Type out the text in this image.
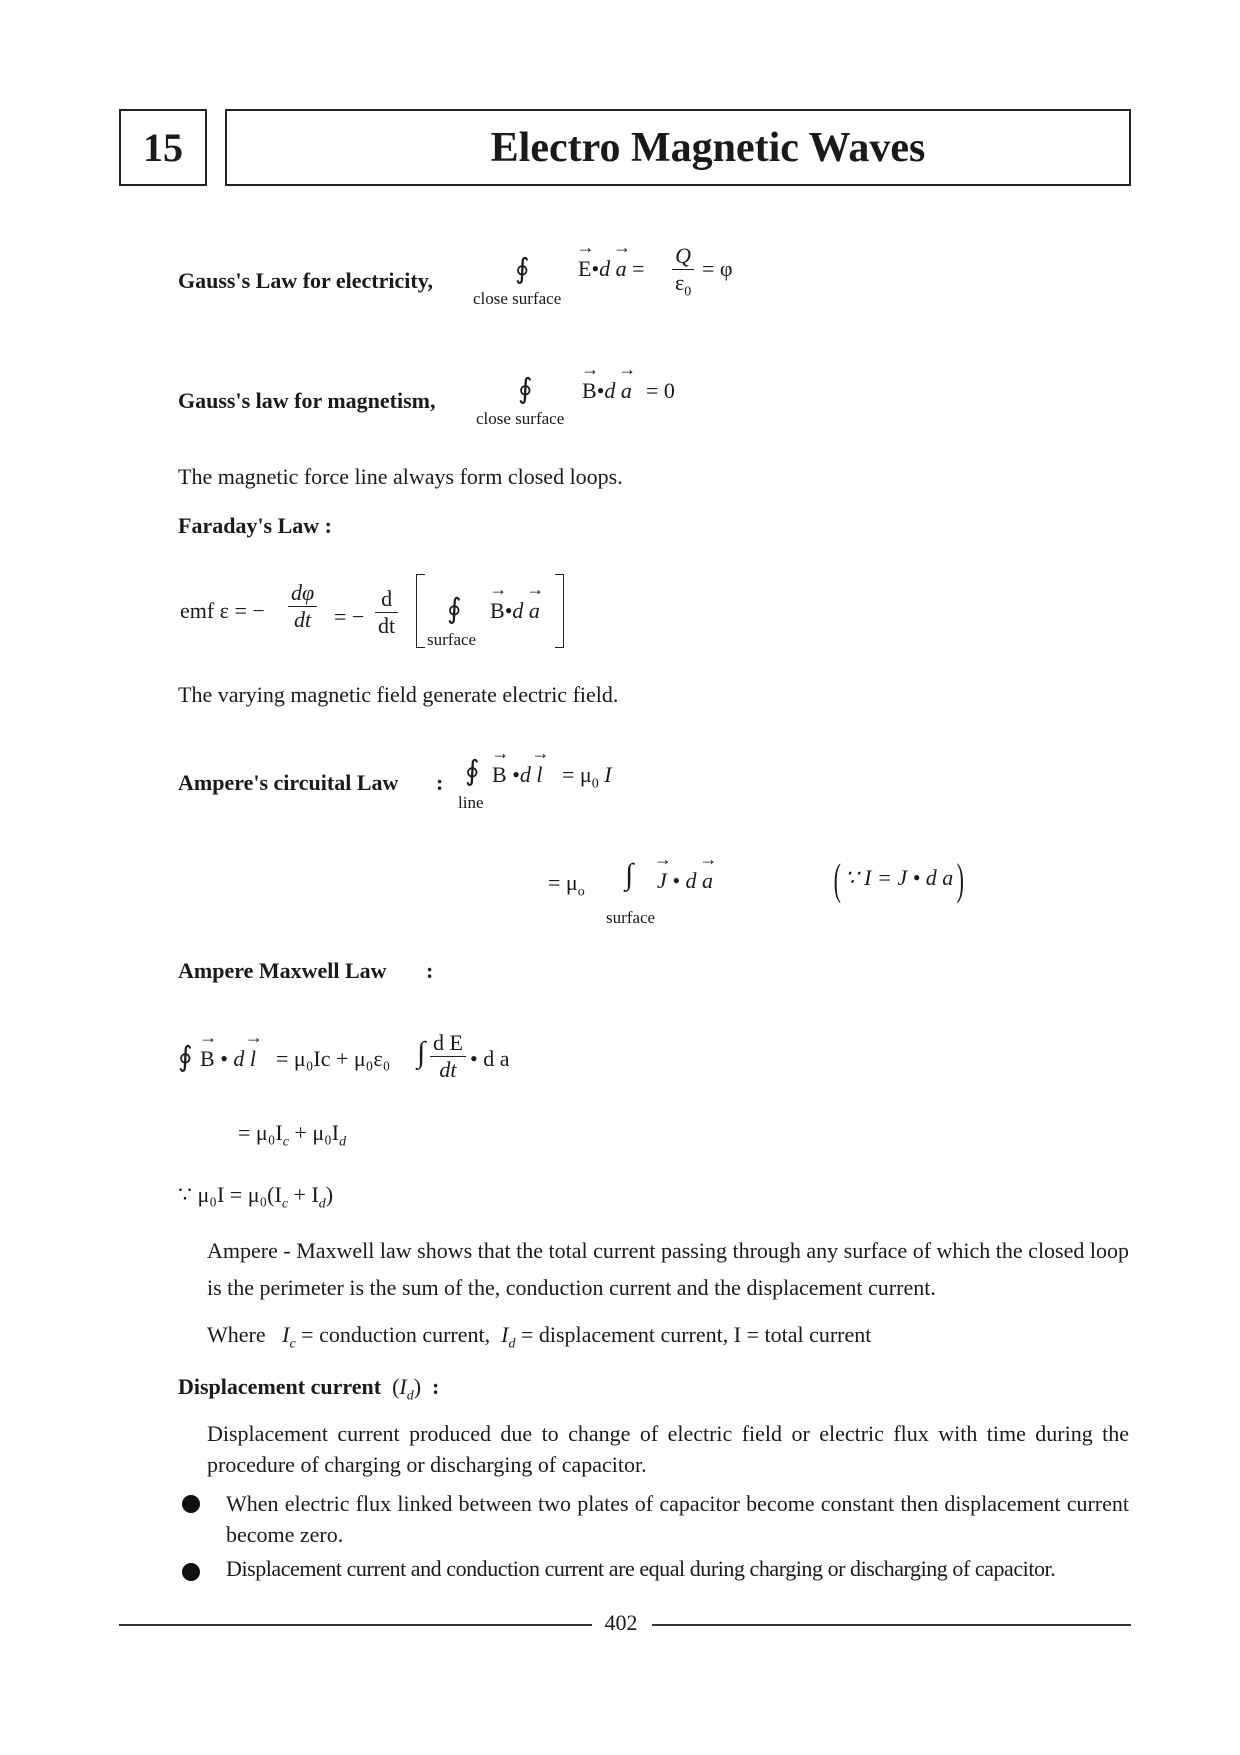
15	Electro Magnetic Waves
Gauss's Law for electricity,	∮
close surface
→ E•d → $a = \frac{Q}{\varepsilon_0} = \varphi$
Gauss's law for magnetism,	∮
close surface
→ B•d → a = 0
The magnetic force line always form closed loops.
Faraday's Law :
emf ε = − $\frac{d\varphi}{dt}$ = − $\frac{d}{dt}$ ∮
surface
→ B•d → a
The varying magnetic field generate electric field.
Ampere's circuital Law : ∮
line
→ B •d → $l = \mu_0$ I
= $\mu_o$
∫
surface
→ J • d → a	( ∵ I = J • d a)
Ampere Maxwell Law :
∮ → B • d → l = μ₀Ic + μ₀ε₀ ∫ $\frac{\text{d E}}{dt}$ • d a
= $\mu_0I_c + \mu_0I_d$
∵ $\mu_0I = \mu_0(I_c + I_d)$
Ampere - Maxwell law shows that the total current passing through any surface of which the closed loop is the perimeter is the sum of the, conduction current and the displacement current.
Where $I_c$ = conduction current, $I_d$ = displacement current, I = total current
Displacement current  $(I_d)$  :
Displacement current produced due to change of electric field or electric flux with time during the procedure of charging or discharging of capacitor.
When electric flux linked between two plates of capacitor become constant then displacement current become zero.
Displacement current and conduction current are equal during charging or discharging of capacitor.
402
